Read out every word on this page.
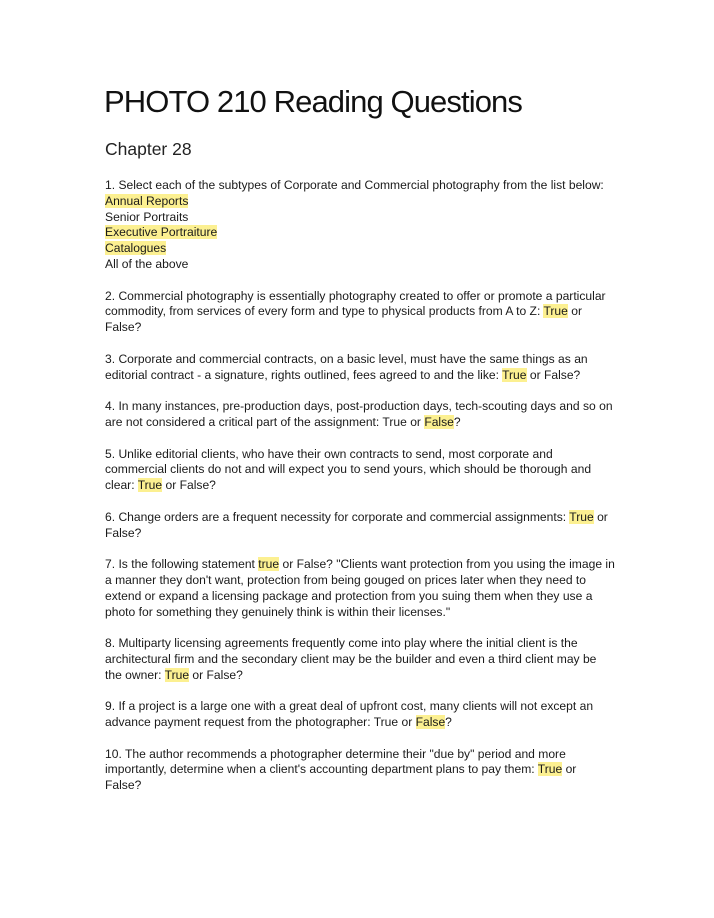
PHOTO 210 Reading Questions
Chapter 28
1. Select each of the subtypes of Corporate and Commercial photography from the list below:
Annual Reports
Senior Portraits
Executive Portraiture
Catalogues
All of the above
2. Commercial photography is essentially photography created to offer or promote a particular
commodity, from services of every form and type to physical products from A to Z: True or
False?
3. Corporate and commercial contracts, on a basic level, must have the same things as an
editorial contract - a signature, rights outlined, fees agreed to and the like: True or False?
4. In many instances, pre-production days, post-production days, tech-scouting days and so on
are not considered a critical part of the assignment: True or False?
5. Unlike editorial clients, who have their own contracts to send, most corporate and
commercial clients do not and will expect you to send yours, which should be thorough and
clear: True or False?
6. Change orders are a frequent necessity for corporate and commercial assignments: True or
False?
7. Is the following statement true or False? "Clients want protection from you using the image in
a manner they don't want, protection from being gouged on prices later when they need to
extend or expand a licensing package and protection from you suing them when they use a
photo for something they genuinely think is within their licenses."
8. Multiparty licensing agreements frequently come into play where the initial client is the
architectural firm and the secondary client may be the builder and even a third client may be
the owner: True or False?
9. If a project is a large one with a great deal of upfront cost, many clients will not except an
advance payment request from the photographer: True or False?
10. The author recommends a photographer determine their "due by" period and more
importantly, determine when a client's accounting department plans to pay them: True or
False?
